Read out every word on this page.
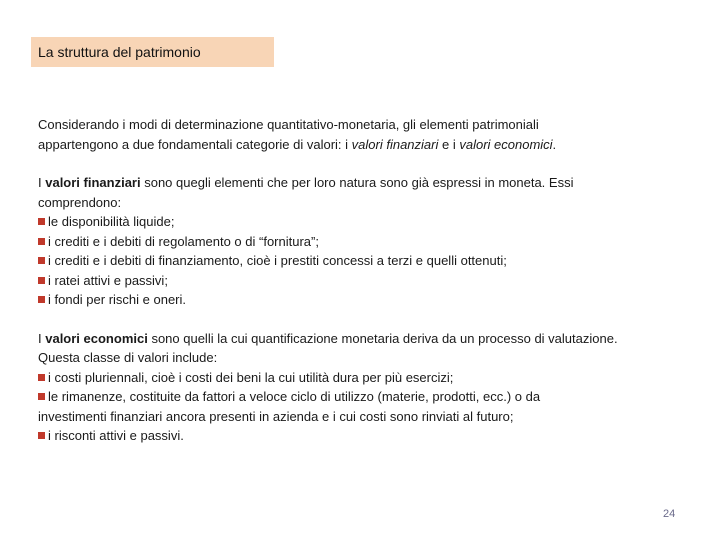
La struttura del patrimonio

Considerando i modi di determinazione quantitativo-monetaria, gli elementi patrimoniali
appartengono a due fondamentali categorie di valori: i valori finanziari e i valori economici.

I valori finanziari sono quegli elementi che per loro natura sono già espressi in moneta. Essi
comprendono:
le disponibilità liquide;
i crediti e i debiti di regolamento o di “fornitura”;
i crediti e i debiti di finanziamento, cioè i prestiti concessi a terzi e quelli ottenuti;
i ratei attivi e passivi;
i fondi per rischi e oneri.
I valori economici sono quelli la cui quantificazione monetaria deriva da un processo di valutazione.
Questa classe di valori include:
i costi pluriennali, cioè i costi dei beni la cui utilità dura per più esercizi;
le rimanenze, costituite da fattori a veloce ciclo di utilizzo (materie, prodotti, ecc.) o da
investimenti finanziari ancora presenti in azienda e i cui costi sono rinviati al futuro;
i risconti attivi e passivi.
24
